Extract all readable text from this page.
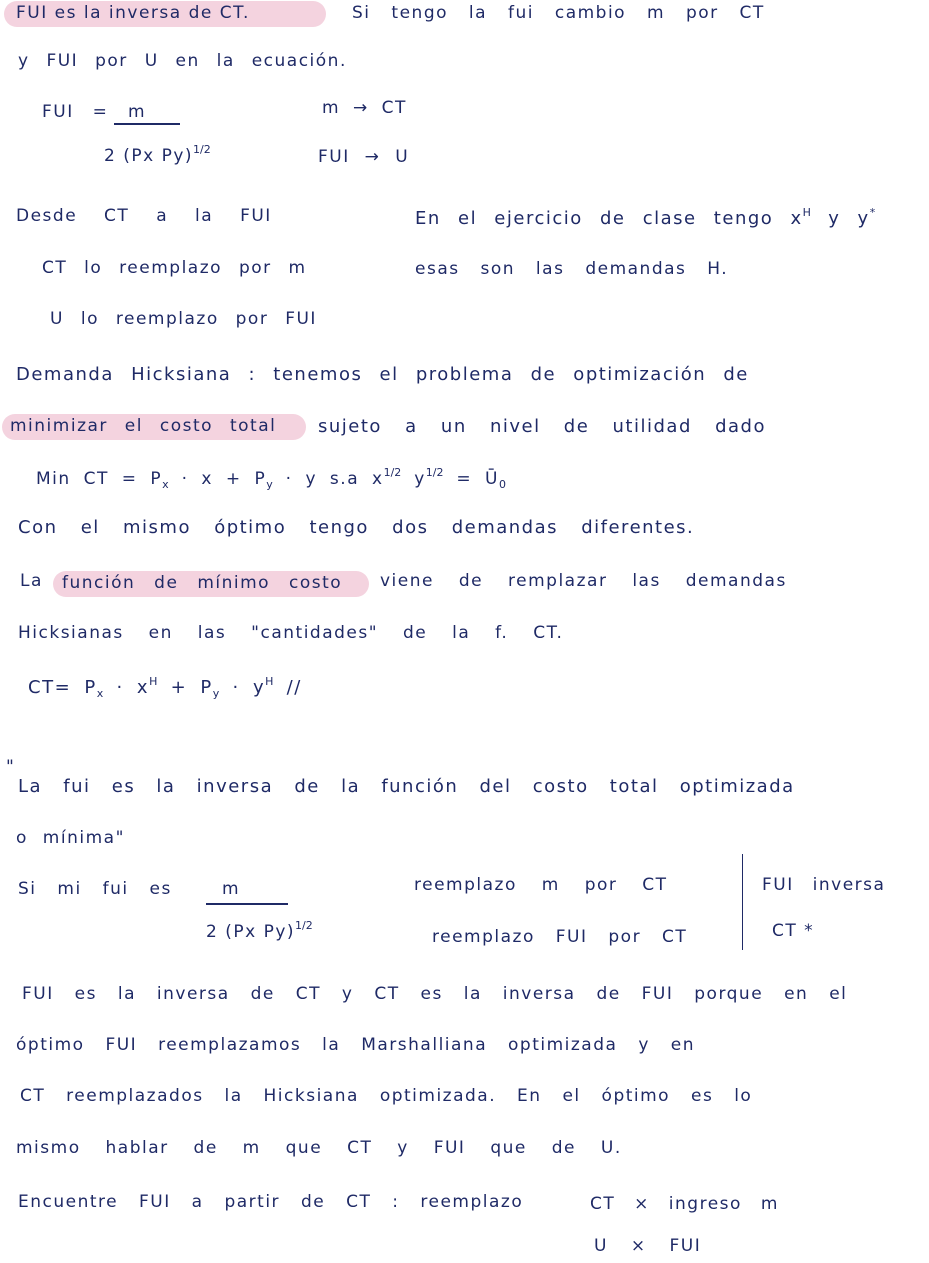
FUI es la inversa de CT.	Si tengo la fui cambio m por CT
y FUI por U en la ecuación.
FUI = m
2 (Px Py)$^{1/2}$
m → CT
FUI → U
Desde CT a la FUI
CT lo reemplazo por m
U lo reemplazo por FUI
En el ejercicio de clase tengo $x^H$ y y*
esas son las demandas H.
Demanda Hicksiana : tenemos el problema de optimización de
minimizar el costo total sujeto a un nivel de utilidad dado
Min CT = $P_x \cdot x + P_y \cdot y$ s.a $x^{1/2}$ $y^{1/2}$ = $Ū_0$
Con el mismo óptimo tengo dos demandas diferentes.
La función de mínimo costo viene de remplazar las demandas
Hicksianas en las "cantidades" de la f. CT.
$CT= P_x \cdot x^H + P_y \cdot y^H$ //
"
La fui es la inversa de la función del costo total optimizada
o mínima"
Si mi fui es	m
2 (Px Py)$^{1/2}$
reemplazo m por CT
reemplazo FUI por CT
FUI inversa
CT *
FUI es la inversa de CT y CT es la inversa de FUI porque en el
óptimo FUI reemplazamos la Marshalliana optimizada y en
CT reemplazados la Hicksiana optimizada. En el óptimo es lo
mismo hablar de m que CT y FUI que de U.
Encuentre FUI a partir de CT : reemplazo	CT × ingreso m
U × FUI
